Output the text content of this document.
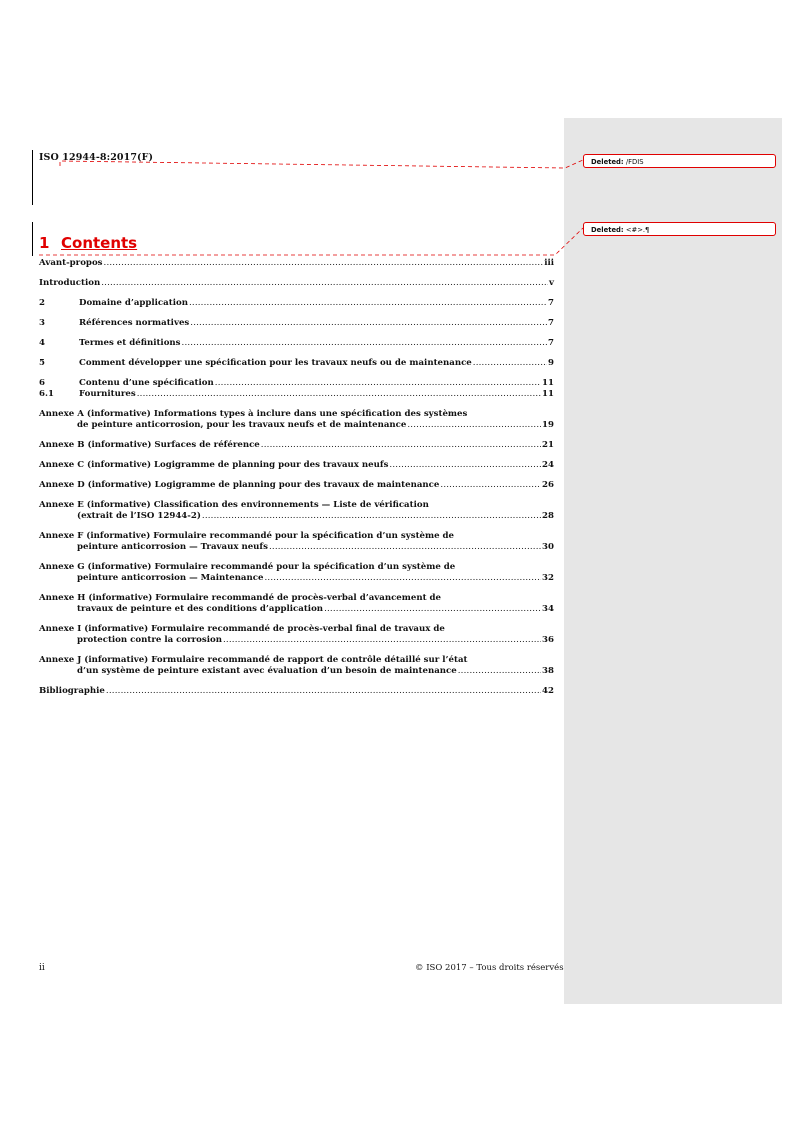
ISO 12944-8:2017(F)
1 Contents
Avant-propos .....	iii
Introduction .....	v
2	Domaine d’application .....	7
3	Références normatives .....	7
4	Termes et définitions .....	7
5	Comment développer une spécification pour les travaux neufs ou de maintenance .....	9
6	Contenu d’une spécification .....	11
6.1	Fournitures .....	11
Annexe A (informative) Informations types à inclure dans une spécification des systèmes
de peinture anticorrosion, pour les travaux neufs et de maintenance .....	19
Annexe B (informative) Surfaces de référence .....	21
Annexe C (informative) Logigramme de planning pour des travaux neufs .....	24
Annexe D (informative) Logigramme de planning pour des travaux de maintenance .....	26
Annexe E (informative) Classification des environnements — Liste de vérification
(extrait de l’ISO 12944-2) .....	28
Annexe F (informative) Formulaire recommandé pour la spécification d’un système de
peinture anticorrosion — Travaux neufs .....	30
Annexe G (informative) Formulaire recommandé pour la spécification d’un système de
peinture anticorrosion — Maintenance .....	32
Annexe H (informative) Formulaire recommandé de procès-verbal d’avancement de
travaux de peinture et des conditions d’application .....	34
Annexe I (informative) Formulaire recommandé de procès-verbal final de travaux de
protection contre la corrosion .....	36
Annexe J (informative) Formulaire recommandé de rapport de contrôle détaillé sur l’état
d’un système de peinture existant avec évaluation d’un besoin de maintenance .....	38
Bibliographie .....	42
ii	© ISO 2017 – Tous droits réservés
Deleted: /FDIS
Deleted: <#>.¶
